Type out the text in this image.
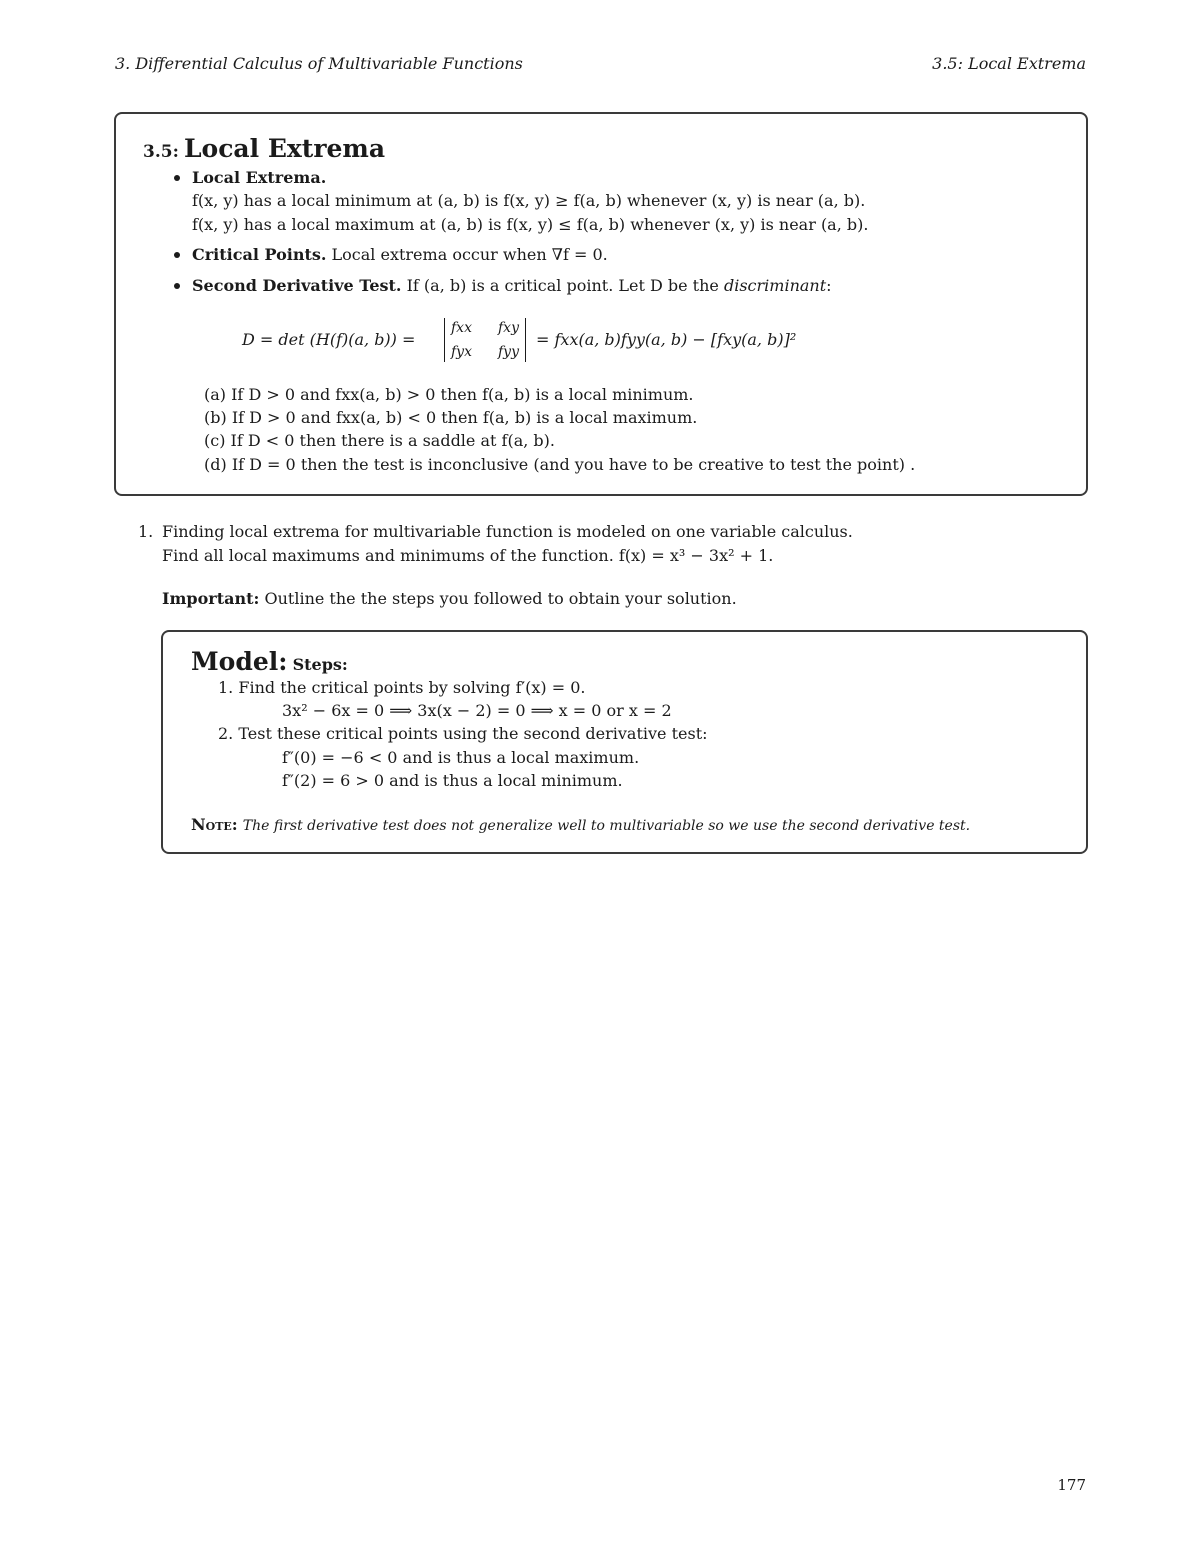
3. Differential Calculus of Multivariable Functions	3.5: Local Extrema
3.5: Local Extrema
Local Extrema.
f(x, y) has a local minimum at (a, b) is f(x, y) ≥ f(a, b) whenever (x, y) is near (a, b).
f(x, y) has a local maximum at (a, b) is f(x, y) ≤ f(a, b) whenever (x, y) is near (a, b).
Critical Points. Local extrema occur when ∇f = 0.
Second Derivative Test. If (a, b) is a critical point. Let D be the discriminant:
D = det (H(f)(a, b)) =
fxx fxy
fyx fyy
= fxx(a, b)fyy(a, b) − [fxy(a, b)]²
(a) If D > 0 and fxx(a, b) > 0 then f(a, b) is a local minimum.
(b) If D > 0 and fxx(a, b) < 0 then f(a, b) is a local maximum.
(c) If D < 0 then there is a saddle at f(a, b).
(d) If D = 0 then the test is inconclusive (and you have to be creative to test the point) .
1. Finding local extrema for multivariable function is modeled on one variable calculus.
Find all local maximums and minimums of the function. f(x) = x³ − 3x² + 1.
Important: Outline the the steps you followed to obtain your solution.
Model: Steps:
1. Find the critical points by solving f′(x) = 0.
3x² − 6x = 0 ⟹ 3x(x − 2) = 0 ⟹ x = 0 or x = 2
2. Test these critical points using the second derivative test:
f″(0) = −6 < 0 and is thus a local maximum.
f″(2) = 6 > 0 and is thus a local minimum.
Note: The first derivative test does not generalize well to multivariable so we use the second derivative test.
177
